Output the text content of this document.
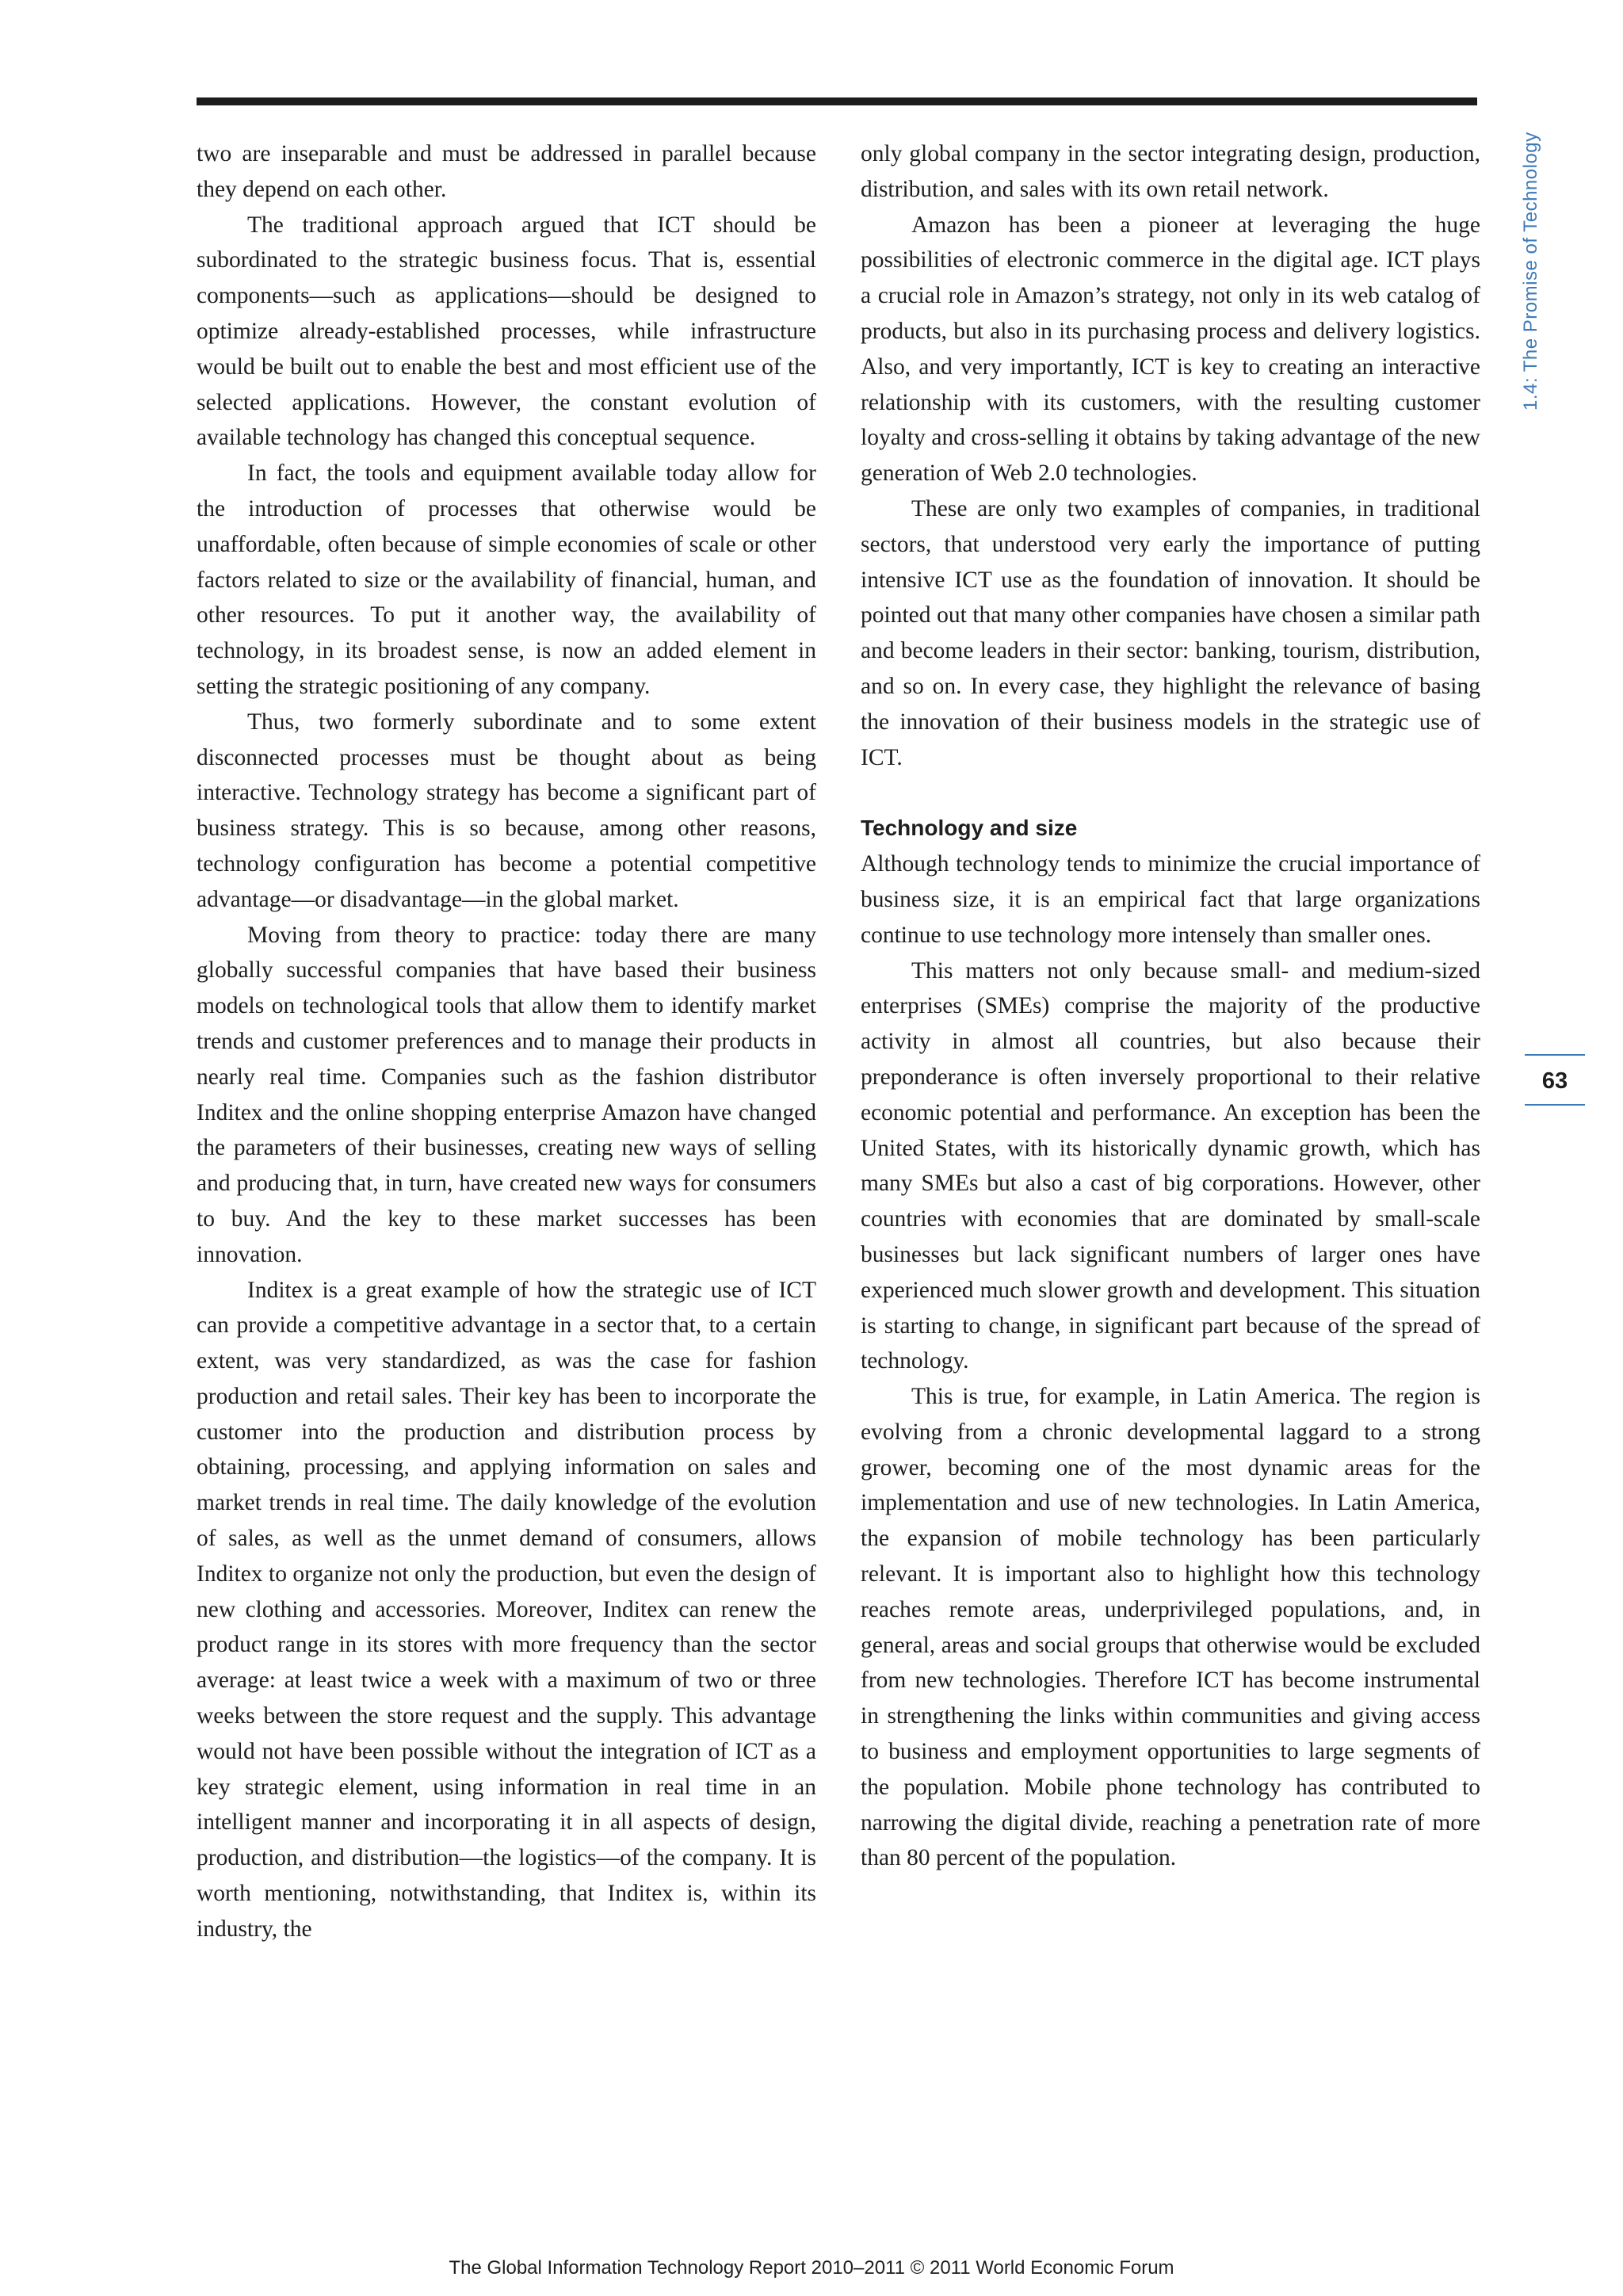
two are inseparable and must be addressed in parallel because they depend on each other.

The traditional approach argued that ICT should be subordinated to the strategic business focus. That is, essential components—such as applications—should be designed to optimize already-established processes, while infrastructure would be built out to enable the best and most efficient use of the selected applications. However, the constant evolution of available technology has changed this conceptual sequence.

In fact, the tools and equipment available today allow for the introduction of processes that otherwise would be unaffordable, often because of simple economies of scale or other factors related to size or the availability of financial, human, and other resources. To put it another way, the availability of technology, in its broadest sense, is now an added element in setting the strategic positioning of any company.

Thus, two formerly subordinate and to some extent disconnected processes must be thought about as being interactive. Technology strategy has become a significant part of business strategy. This is so because, among other reasons, technology configuration has become a potential competitive advantage—or disadvantage—in the global market.

Moving from theory to practice: today there are many globally successful companies that have based their business models on technological tools that allow them to identify market trends and customer preferences and to manage their products in nearly real time. Companies such as the fashion distributor Inditex and the online shopping enterprise Amazon have changed the parameters of their businesses, creating new ways of selling and producing that, in turn, have created new ways for consumers to buy. And the key to these market successes has been innovation.

Inditex is a great example of how the strategic use of ICT can provide a competitive advantage in a sector that, to a certain extent, was very standardized, as was the case for fashion production and retail sales. Their key has been to incorporate the customer into the production and distribution process by obtaining, processing, and applying information on sales and market trends in real time. The daily knowledge of the evolution of sales, as well as the unmet demand of consumers, allows Inditex to organize not only the production, but even the design of new clothing and accessories. Moreover, Inditex can renew the product range in its stores with more frequency than the sector average: at least twice a week with a maximum of two or three weeks between the store request and the supply. This advantage would not have been possible without the integration of ICT as a key strategic element, using information in real time in an intelligent manner and incorporating it in all aspects of design, production, and distribution—the logistics—of the company. It is worth mentioning, notwithstanding, that Inditex is, within its industry, the

only global company in the sector integrating design, production, distribution, and sales with its own retail network.

Amazon has been a pioneer at leveraging the huge possibilities of electronic commerce in the digital age. ICT plays a crucial role in Amazon’s strategy, not only in its web catalog of products, but also in its purchasing process and delivery logistics. Also, and very importantly, ICT is key to creating an interactive relationship with its customers, with the resulting customer loyalty and cross-selling it obtains by taking advantage of the new generation of Web 2.0 technologies.

These are only two examples of companies, in traditional sectors, that understood very early the importance of putting intensive ICT use as the foundation of innovation. It should be pointed out that many other companies have chosen a similar path and become leaders in their sector: banking, tourism, distribution, and so on. In every case, they highlight the relevance of basing the innovation of their business models in the strategic use of ICT.

Technology and size

Although technology tends to minimize the crucial importance of business size, it is an empirical fact that large organizations continue to use technology more intensely than smaller ones.

This matters not only because small- and medium-sized enterprises (SMEs) comprise the majority of the productive activity in almost all countries, but also because their preponderance is often inversely proportional to their relative economic potential and performance. An exception has been the United States, with its historically dynamic growth, which has many SMEs but also a cast of big corporations. However, other countries with economies that are dominated by small-scale businesses but lack significant numbers of larger ones have experienced much slower growth and development. This situation is starting to change, in significant part because of the spread of technology.

This is true, for example, in Latin America. The region is evolving from a chronic developmental laggard to a strong grower, becoming one of the most dynamic areas for the implementation and use of new technologies. In Latin America, the expansion of mobile technology has been particularly relevant. It is important also to highlight how this technology reaches remote areas, underprivileged populations, and, in general, areas and social groups that otherwise would be excluded from new technologies. Therefore ICT has become instrumental in strengthening the links within communities and giving access to business and employment opportunities to large segments of the population. Mobile phone technology has contributed to narrowing the digital divide, reaching a penetration rate of more than 80 percent of the population.

1.4: The Promise of Technology
63
The Global Information Technology Report 2010–2011 © 2011 World Economic Forum
